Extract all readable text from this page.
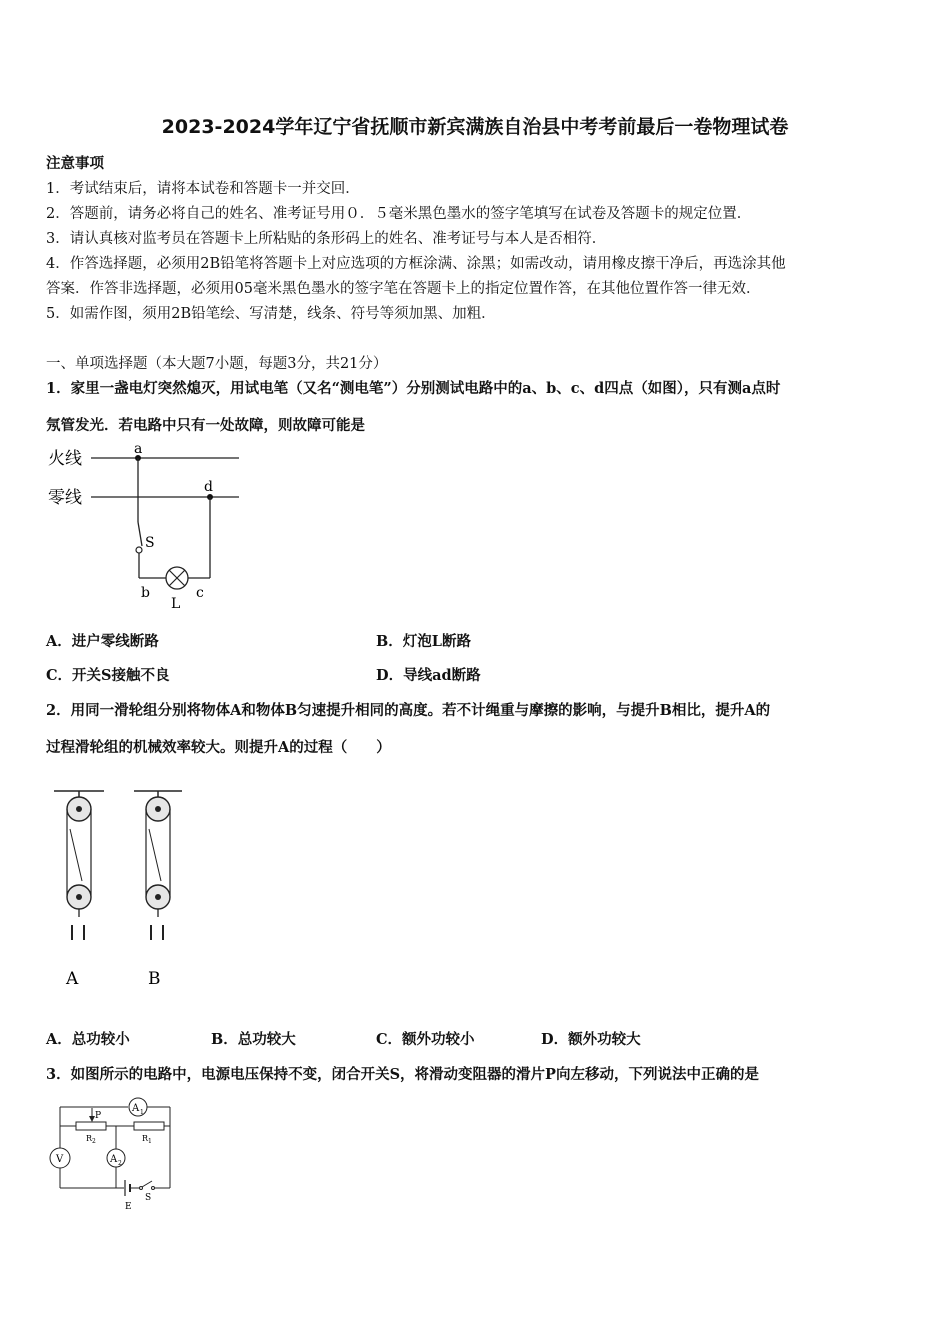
2023-2024学年辽宁省抚顺市新宾满族自治县中考考前最后一卷物理试卷
注意事项
1．考试结束后，请将本试卷和答题卡一并交回．
2．答题前，请务必将自己的姓名、准考证号用０．５毫米黑色墨水的签字笔填写在试卷及答题卡的规定位置．
3．请认真核对监考员在答题卡上所粘贴的条形码上的姓名、准考证号与本人是否相符．
4．作答选择题，必须用2B铅笔将答题卡上对应选项的方框涂满、涂黑；如需改动，请用橡皮擦干净后，再选涂其他
答案．作答非选择题，必须用05毫米黑色墨水的签字笔在答题卡上的指定位置作答，在其他位置作答一律无效．
5．如需作图，须用2B铅笔绘、写清楚，线条、符号等须加黑、加粗．
一、单项选择题（本大题7小题，每题3分，共21分）
1．家里一盏电灯突然熄灭，用试电笔（又名“测电笔”）分别测试电路中的a、b、c、d四点（如图），只有测a点时
氖管发光．若电路中只有一处故障，则故障可能是
火线
零线
a
d
S
b	c
L
A．进户零线断路	B．灯泡L断路
C．开关S接触不良	D．导线ad断路
2．用同一滑轮组分别将物体A和物体B匀速提升相同的高度。若不计绳重与摩擦的影响，与提升B相比，提升A的
过程滑轮组的机械效率较大。则提升A的过程（　　）
A	B
A．总功较小	B．总功较大	C．额外功较小	D．额外功较大
3．如图所示的电路中，电源电压保持不变，闭合开关S，将滑动变阻器的滑片P向左移动，下列说法中正确的是
A 1
V
P
R 2	R 1
A 2
E
S
